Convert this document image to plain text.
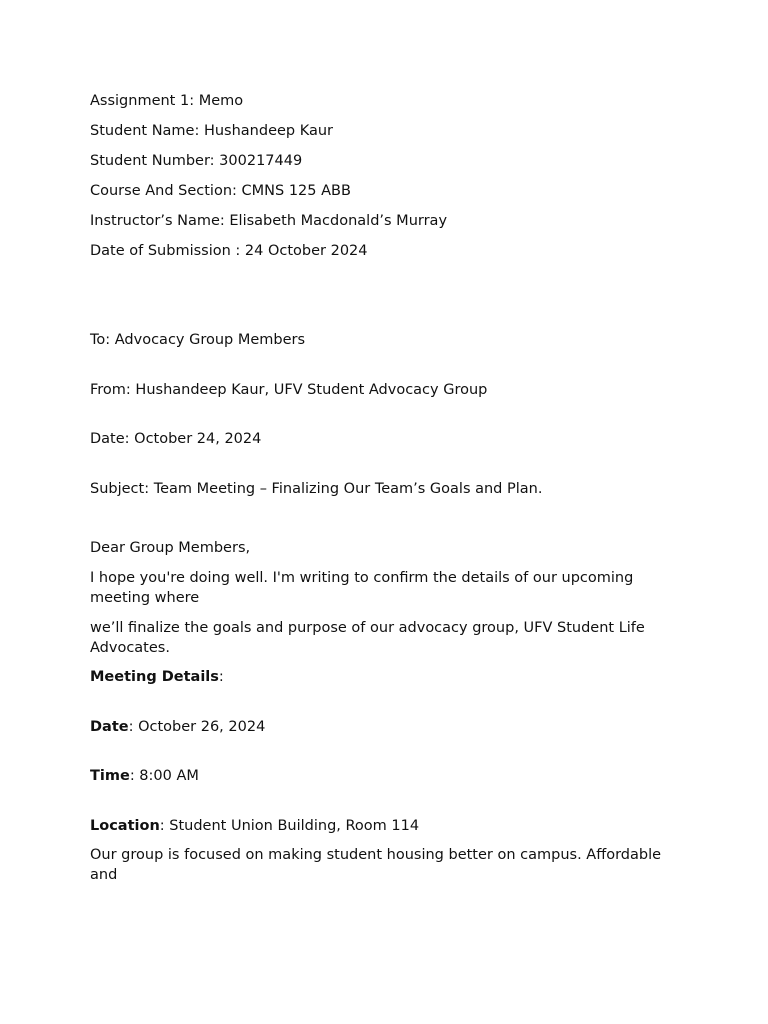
Assignment 1: Memo
Student Name: Hushandeep Kaur
Student Number: 300217449
Course And Section: CMNS 125 ABB
Instructor’s Name: Elisabeth Macdonald’s Murray
Date of Submission : 24 October 2024
To: Advocacy Group Members
From: Hushandeep Kaur, UFV Student Advocacy Group
Date: October 24, 2024
Subject: Team Meeting – Finalizing Our Team’s Goals and Plan.
Dear Group Members,
I hope you're doing well. I'm writing to confirm the details of our upcoming meeting where
we’ll finalize the goals and purpose of our advocacy group, UFV Student Life Advocates.
Meeting Details:
Date: October 26, 2024
Time: 8:00 AM
Location: Student Union Building, Room 114
Our group is focused on making student housing better on campus. Affordable and
